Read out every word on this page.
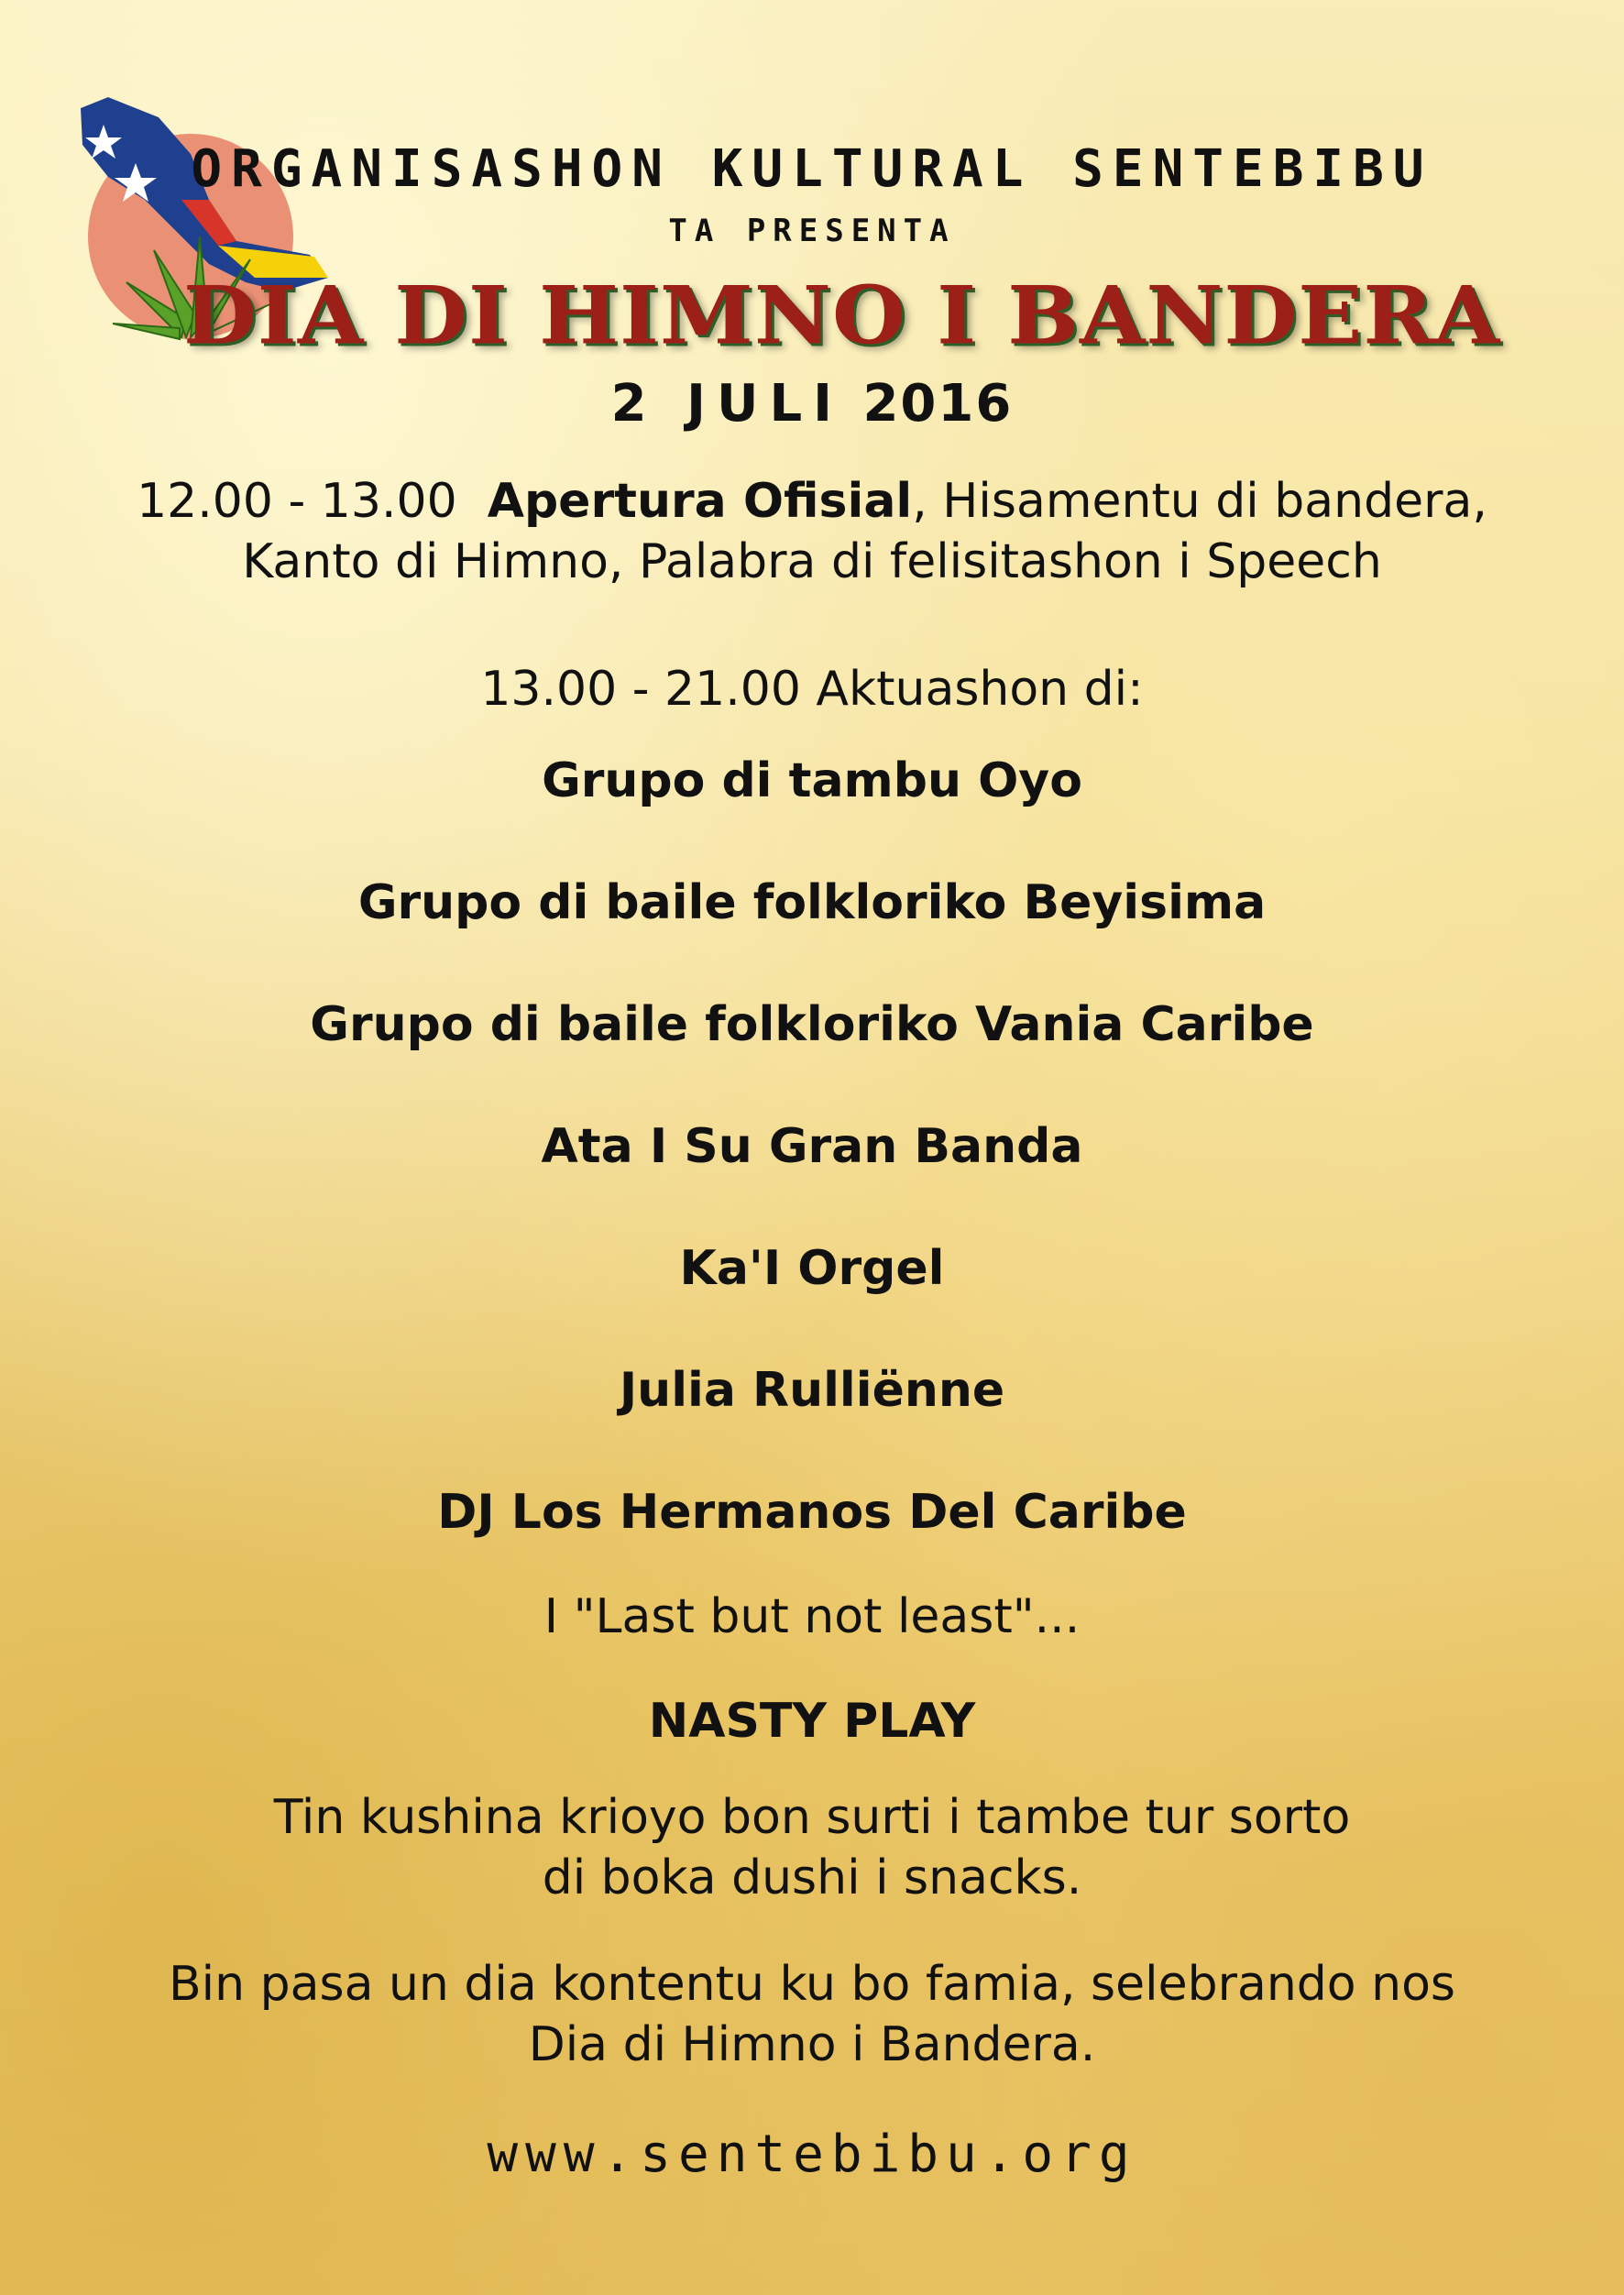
ORGANISASHON KULTURAL SENTEBIBU
TA PRESENTA
DIA DI HIMNO I BANDERA
2 JULI 2016
12.00 - 13.00 Apertura Ofisial, Hisamentu di bandera,
Kanto di Himno, Palabra di felisitashon i Speech
13.00 - 21.00 Aktuashon di:
Grupo di tambu Oyo
Grupo di baile folkloriko Beyisima
Grupo di baile folkloriko Vania Caribe
Ata I Su Gran Banda
Ka'I Orgel
Julia Rulliënne
DJ Los Hermanos Del Caribe
I "Last but not least"...
NASTY PLAY
Tin kushina krioyo bon surti i tambe tur sorto
di boka dushi i snacks.
Bin pasa un dia kontentu ku bo famia, selebrando nos
Dia di Himno i Bandera.
www.sentebibu.org
